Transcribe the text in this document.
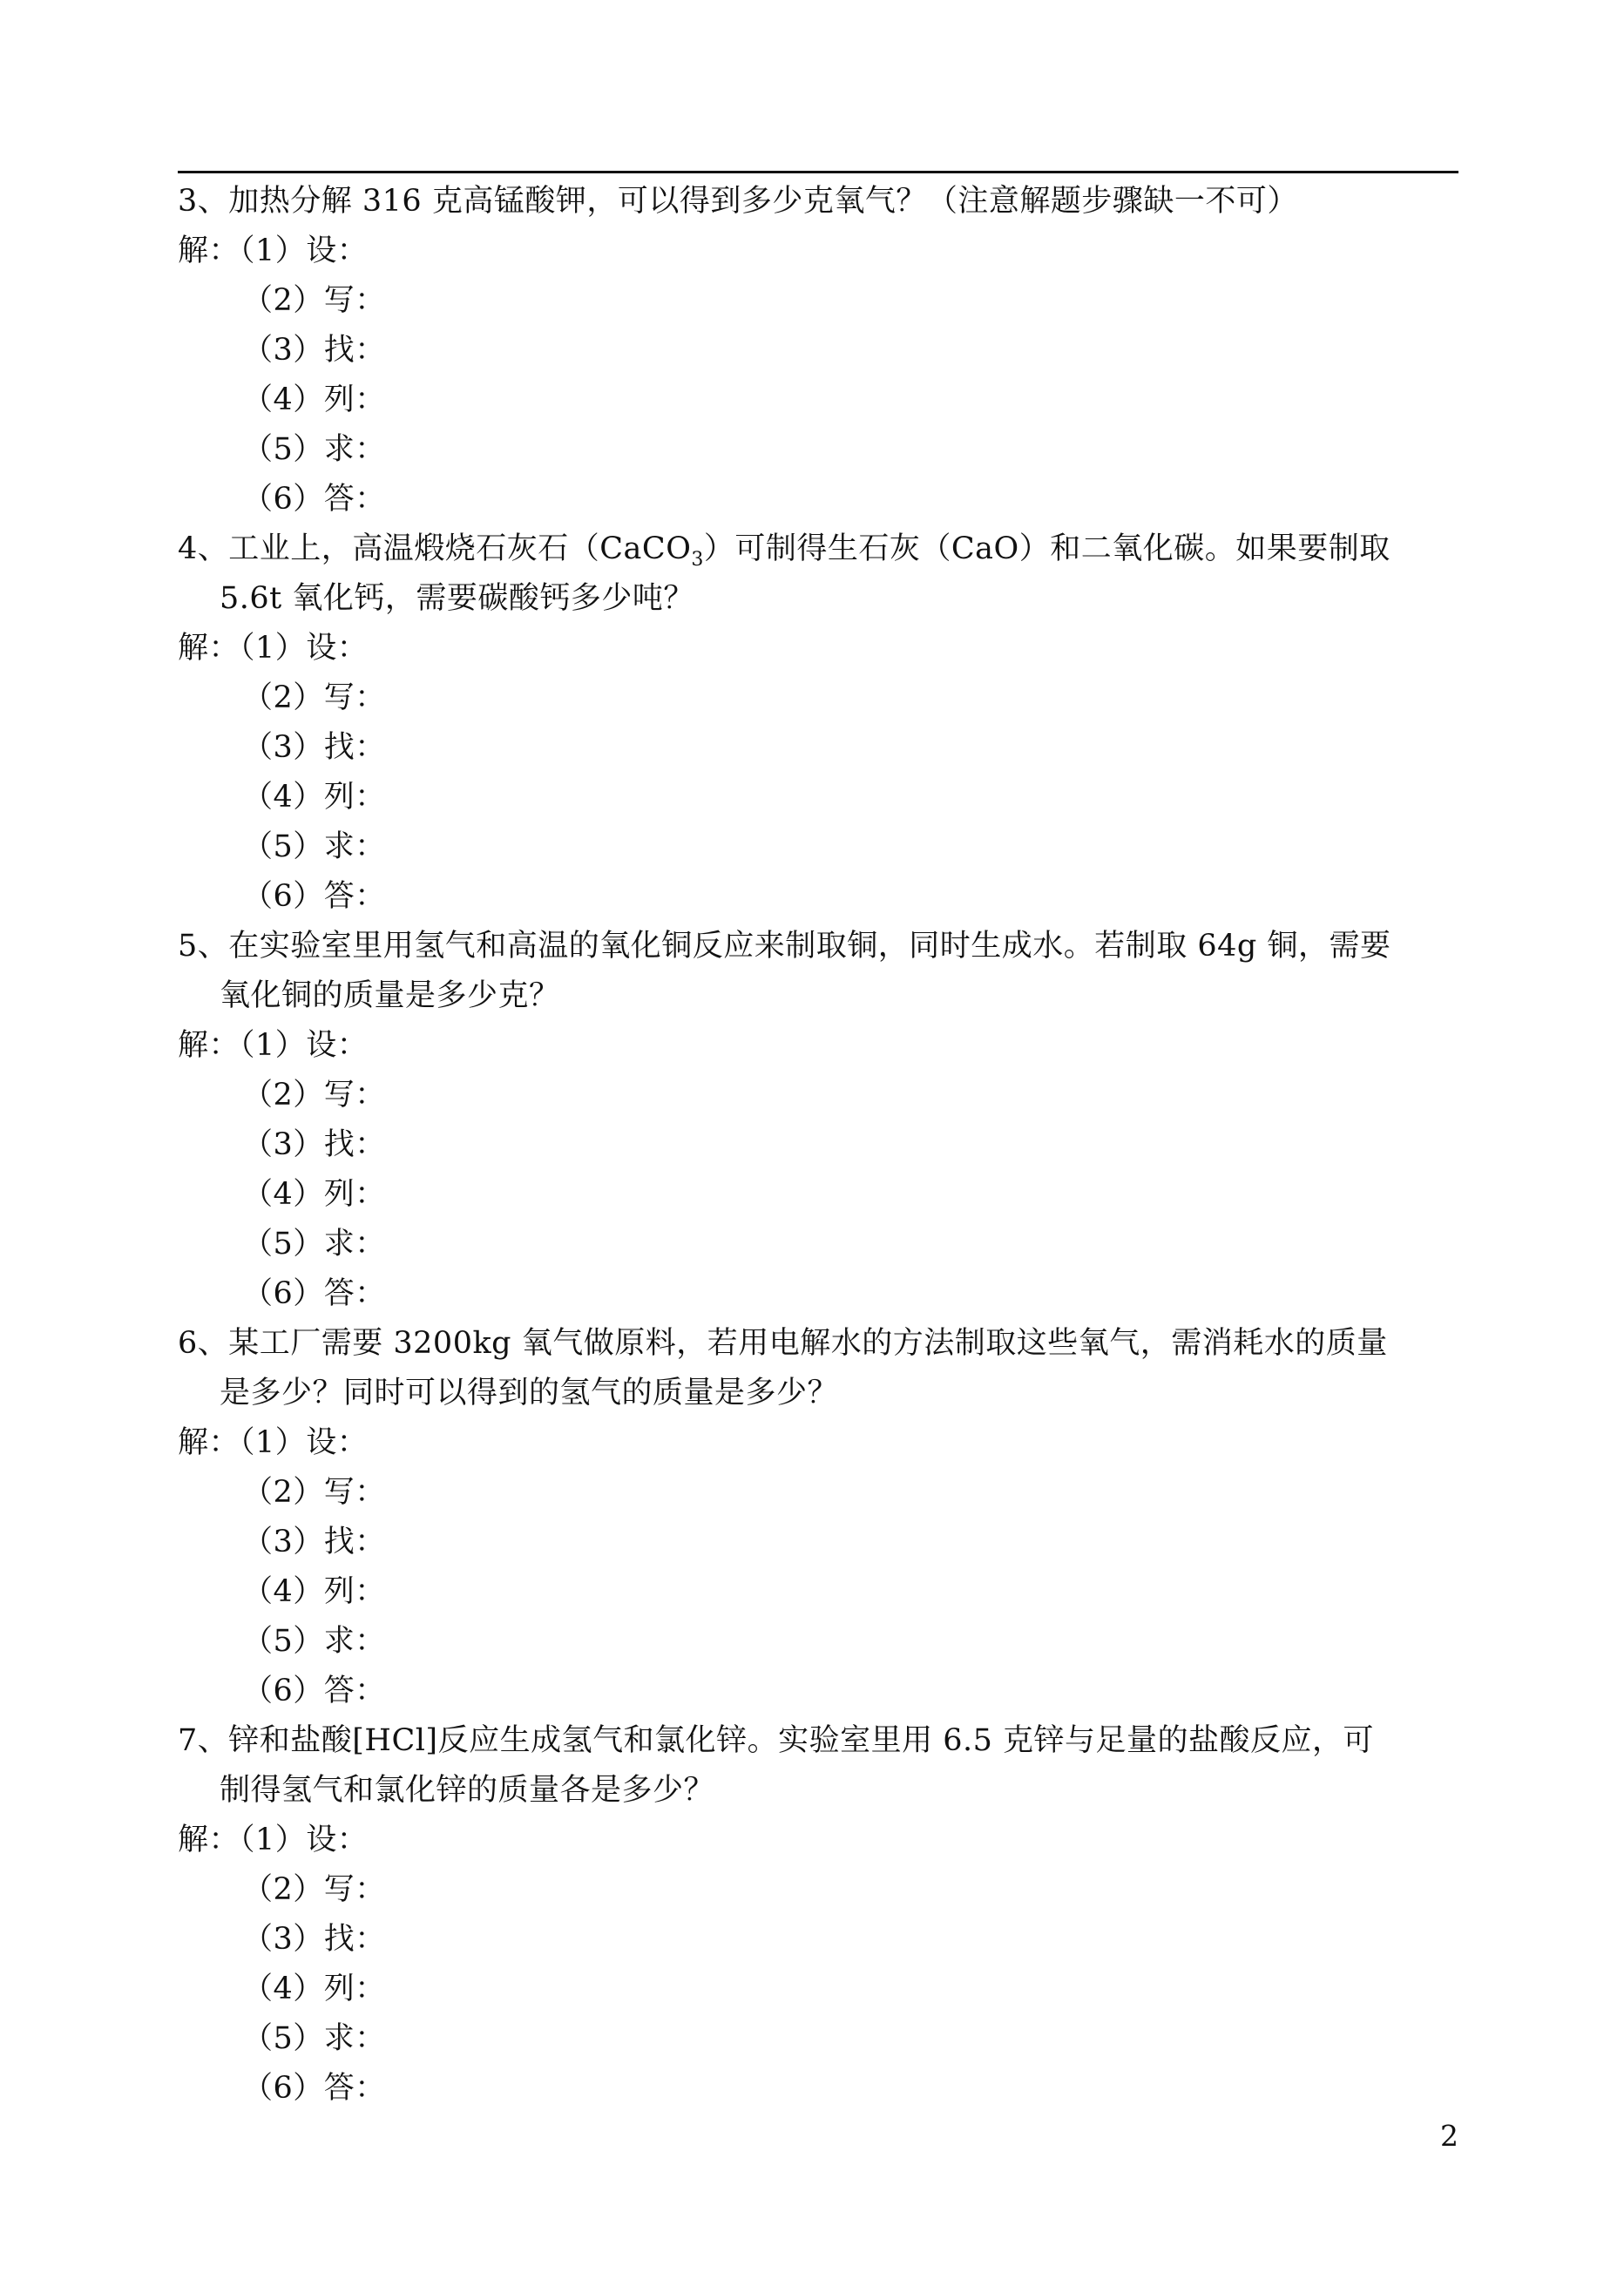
3、加热分解 316 克高锰酸钾，可以得到多少克氧气？（注意解题步骤缺一不可）
解：（1）设：
（2）写：
（3）找：
（4）列：
（5）求：
（6）答：
4、工业上，高温煅烧石灰石（CaCO$_3$）可制得生石灰（CaO）和二氧化碳。如果要制取
5.6t 氧化钙，需要碳酸钙多少吨？
解：（1）设：
（2）写：
（3）找：
（4）列：
（5）求：
（6）答：
5、在实验室里用氢气和高温的氧化铜反应来制取铜，同时生成水。若制取 64g 铜，需要
氧化铜的质量是多少克？
解：（1）设：
（2）写：
（3）找：
（4）列：
（5）求：
（6）答：
6、某工厂需要 3200kg 氧气做原料，若用电解水的方法制取这些氧气，需消耗水的质量
是多少？同时可以得到的氢气的质量是多少？
解：（1）设：
（2）写：
（3）找：
（4）列：
（5）求：
（6）答：
7、锌和盐酸[HCl]反应生成氢气和氯化锌。实验室里用 6.5 克锌与足量的盐酸反应，可
制得氢气和氯化锌的质量各是多少？
解：（1）设：
（2）写：
（3）找：
（4）列：
（5）求：
（6）答：
2
